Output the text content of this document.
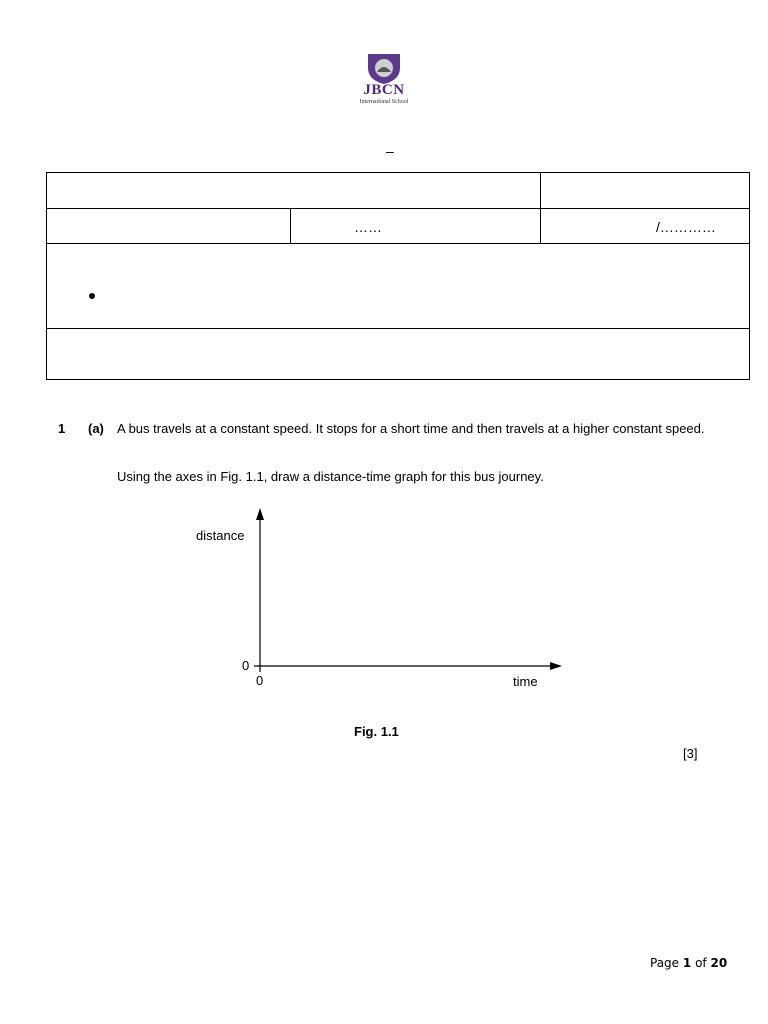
JBCN
International School
–
……	/…………
1 (a) A bus travels at a constant speed. It stops for a short time and then travels at a higher constant speed.
Using the axes in Fig. 1.1, draw a distance-time graph for this bus journey.
distance
0
0	time
Fig. 1.1
[3]
Page 1 of 20
